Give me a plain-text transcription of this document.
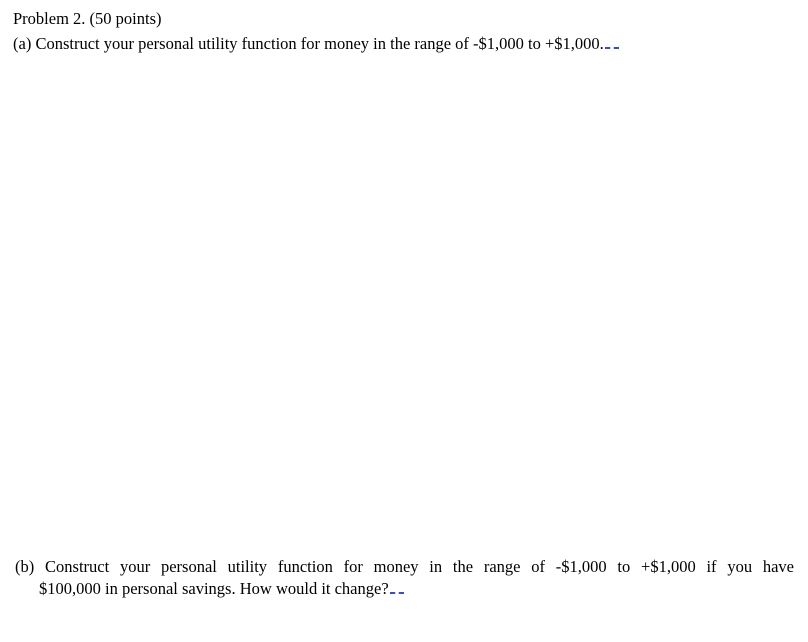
Problem 2. (50 points)
(a) Construct your personal utility function for money in the range of -$1,000 to +$1,000.
(b) Construct your personal utility function for money in the range of -$1,000 to +$1,000 if you have
$100,000 in personal savings. How would it change?
